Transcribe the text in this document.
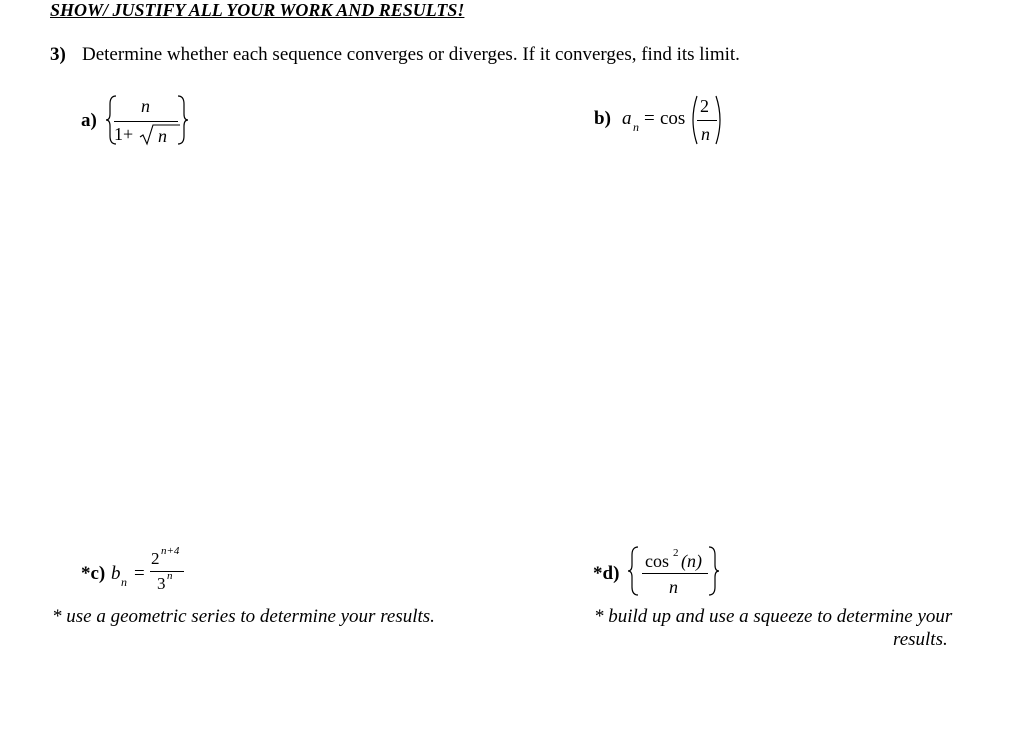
SHOW/ JUSTIFY ALL YOUR WORK AND RESULTS!
3) Determine whether each sequence converges or diverges. If it converges, find its limit.
a)
n
1+ n
b) a n = cos
2
n
*c) b n =
2 n+4
3 n	*d)
cos 2 (n)
n
* use a geometric series to determine your results.	* build up and use a squeeze to determine your
results.
